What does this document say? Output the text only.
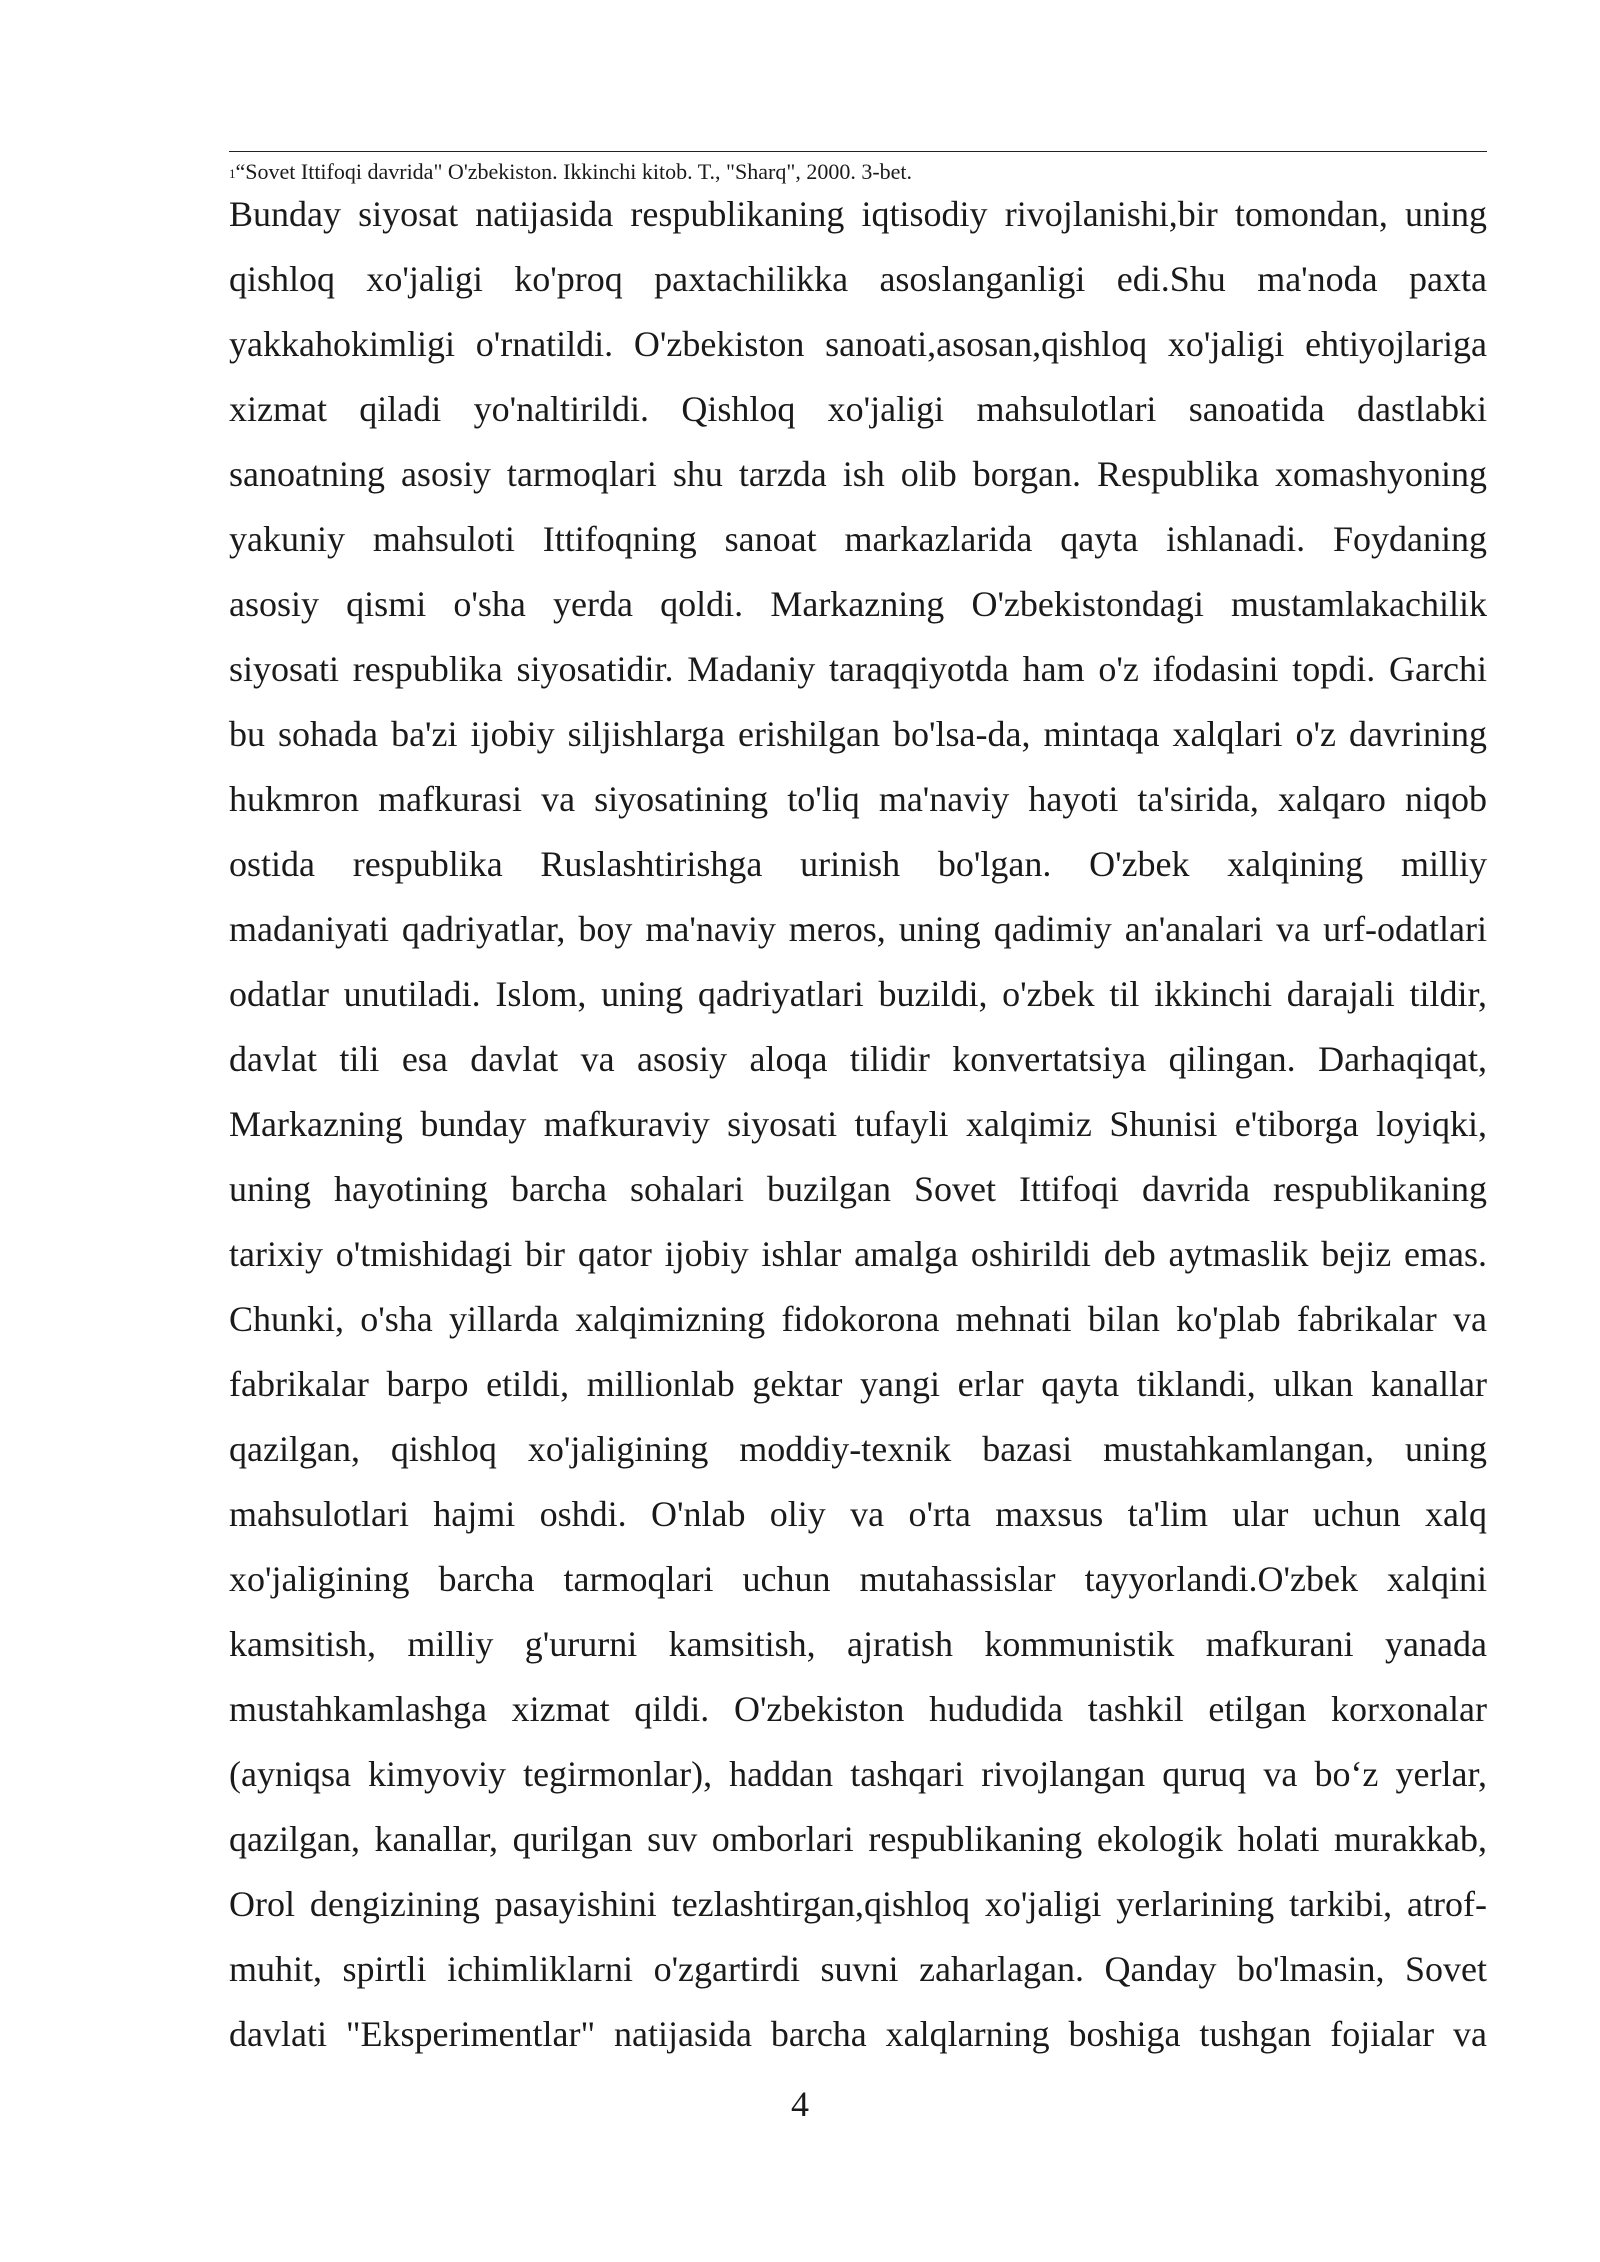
$^1$“Sovet Ittifoqi davrida" O'zbekiston. Ikkinchi kitob. T., "Sharq", 2000. 3-bet.
Bunday siyosat natijasida respublikaning iqtisodiy rivojlanishi,bir tomondan, uning
qishloq xo'jaligi ko'proq paxtachilikka asoslanganligi edi.Shu ma'noda paxta
yakkahokimligi o'rnatildi. O'zbekiston sanoati,asosan,qishloq xo'jaligi ehtiyojlariga
xizmat qiladi yo'naltirildi. Qishloq xo'jaligi mahsulotlari sanoatida dastlabki
sanoatning asosiy tarmoqlari shu tarzda ish olib borgan. Respublika xomashyoning
yakuniy mahsuloti Ittifoqning sanoat markazlarida qayta ishlanadi. Foydaning
asosiy qismi o'sha yerda qoldi. Markazning O'zbekistondagi mustamlakachilik
siyosati respublika siyosatidir. Madaniy taraqqiyotda ham o'z ifodasini topdi. Garchi
bu sohada ba'zi ijobiy siljishlarga erishilgan bo'lsa-da, mintaqa xalqlari o'z davrining
hukmron mafkurasi va siyosatining to'liq ma'naviy hayoti ta'sirida, xalqaro niqob
ostida respublika Ruslashtirishga urinish bo'lgan. O'zbek xalqining milliy
madaniyati qadriyatlar, boy ma'naviy meros, uning qadimiy an'analari va urf-odatlari
odatlar unutiladi. Islom, uning qadriyatlari buzildi, o'zbek til ikkinchi darajali tildir,
davlat tili esa davlat va asosiy aloqa tilidir konvertatsiya qilingan. Darhaqiqat,
Markazning bunday mafkuraviy siyosati tufayli xalqimiz Shunisi e'tiborga loyiqki,
uning hayotining barcha sohalari buzilgan Sovet Ittifoqi davrida respublikaning
tarixiy o'tmishidagi bir qator ijobiy ishlar amalga oshirildi deb aytmaslik bejiz emas.
Chunki, o'sha yillarda xalqimizning fidokorona mehnati bilan ko'plab fabrikalar va
fabrikalar barpo etildi, millionlab gektar yangi erlar qayta tiklandi, ulkan kanallar
qazilgan, qishloq xo'jaligining moddiy-texnik bazasi mustahkamlangan, uning
mahsulotlari hajmi oshdi. O'nlab oliy va o'rta maxsus ta'lim ular uchun xalq
xo'jaligining barcha tarmoqlari uchun mutahassislar tayyorlandi.O'zbek xalqini
kamsitish, milliy g'ururni kamsitish, ajratish kommunistik mafkurani yanada
mustahkamlashga xizmat qildi. O'zbekiston hududida tashkil etilgan korxonalar
(ayniqsa kimyoviy tegirmonlar), haddan tashqari rivojlangan quruq va bo‘z yerlar,
qazilgan, kanallar, qurilgan suv omborlari respublikaning ekologik holati murakkab,
Orol dengizining pasayishini tezlashtirgan,qishloq xo'jaligi yerlarining tarkibi, atrof-
muhit, spirtli ichimliklarni o'zgartirdi suvni zaharlagan. Qanday bo'lmasin, Sovet
davlati "Eksperimentlar" natijasida barcha xalqlarning boshiga tushgan fojialar va
4
